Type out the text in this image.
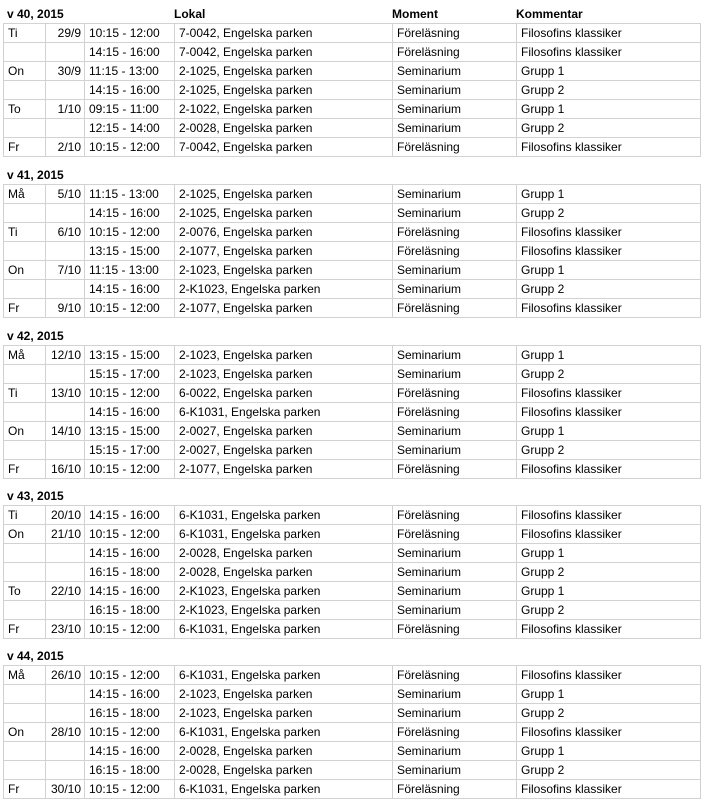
Lokal	Moment	Kommentar
v 40, 2015
Ti	29/9	10:15 - 12:00	7-0042, Engelska parken	Föreläsning	Filosofins klassiker
		14:15 - 16:00	7-0042, Engelska parken	Föreläsning	Filosofins klassiker
On	30/9	11:15 - 13:00	2-1025, Engelska parken	Seminarium	Grupp 1
		14:15 - 16:00	2-1025, Engelska parken	Seminarium	Grupp 2
To	1/10	09:15 - 11:00	2-1022, Engelska parken	Seminarium	Grupp 1
		12:15 - 14:00	2-0028, Engelska parken	Seminarium	Grupp 2
Fr	2/10	10:15 - 12:00	7-0042, Engelska parken	Föreläsning	Filosofins klassiker
v 41, 2015
Må	5/10	11:15 - 13:00	2-1025, Engelska parken	Seminarium	Grupp 1
		14:15 - 16:00	2-1025, Engelska parken	Seminarium	Grupp 2
Ti	6/10	10:15 - 12:00	2-0076, Engelska parken	Föreläsning	Filosofins klassiker
		13:15 - 15:00	2-1077, Engelska parken	Föreläsning	Filosofins klassiker
On	7/10	11:15 - 13:00	2-1023, Engelska parken	Seminarium	Grupp 1
		14:15 - 16:00	2-K1023, Engelska parken	Seminarium	Grupp 2
Fr	9/10	10:15 - 12:00	2-1077, Engelska parken	Föreläsning	Filosofins klassiker
v 42, 2015
Må	12/10	13:15 - 15:00	2-1023, Engelska parken	Seminarium	Grupp 1
		15:15 - 17:00	2-1023, Engelska parken	Seminarium	Grupp 2
Ti	13/10	10:15 - 12:00	6-0022, Engelska parken	Föreläsning	Filosofins klassiker
		14:15 - 16:00	6-K1031, Engelska parken	Föreläsning	Filosofins klassiker
On	14/10	13:15 - 15:00	2-0027, Engelska parken	Seminarium	Grupp 1
		15:15 - 17:00	2-0027, Engelska parken	Seminarium	Grupp 2
Fr	16/10	10:15 - 12:00	2-1077, Engelska parken	Föreläsning	Filosofins klassiker
v 43, 2015
Ti	20/10	14:15 - 16:00	6-K1031, Engelska parken	Föreläsning	Filosofins klassiker
On	21/10	10:15 - 12:00	6-K1031, Engelska parken	Föreläsning	Filosofins klassiker
		14:15 - 16:00	2-0028, Engelska parken	Seminarium	Grupp 1
		16:15 - 18:00	2-0028, Engelska parken	Seminarium	Grupp 2
To	22/10	14:15 - 16:00	2-K1023, Engelska parken	Seminarium	Grupp 1
		16:15 - 18:00	2-K1023, Engelska parken	Seminarium	Grupp 2
Fr	23/10	10:15 - 12:00	6-K1031, Engelska parken	Föreläsning	Filosofins klassiker
v 44, 2015
Må	26/10	10:15 - 12:00	6-K1031, Engelska parken	Föreläsning	Filosofins klassiker
		14:15 - 16:00	2-1023, Engelska parken	Seminarium	Grupp 1
		16:15 - 18:00	2-1023, Engelska parken	Seminarium	Grupp 2
On	28/10	10:15 - 12:00	6-K1031, Engelska parken	Föreläsning	Filosofins klassiker
		14:15 - 16:00	2-0028, Engelska parken	Seminarium	Grupp 1
		16:15 - 18:00	2-0028, Engelska parken	Seminarium	Grupp 2
Fr	30/10	10:15 - 12:00	6-K1031, Engelska parken	Föreläsning	Filosofins klassiker
